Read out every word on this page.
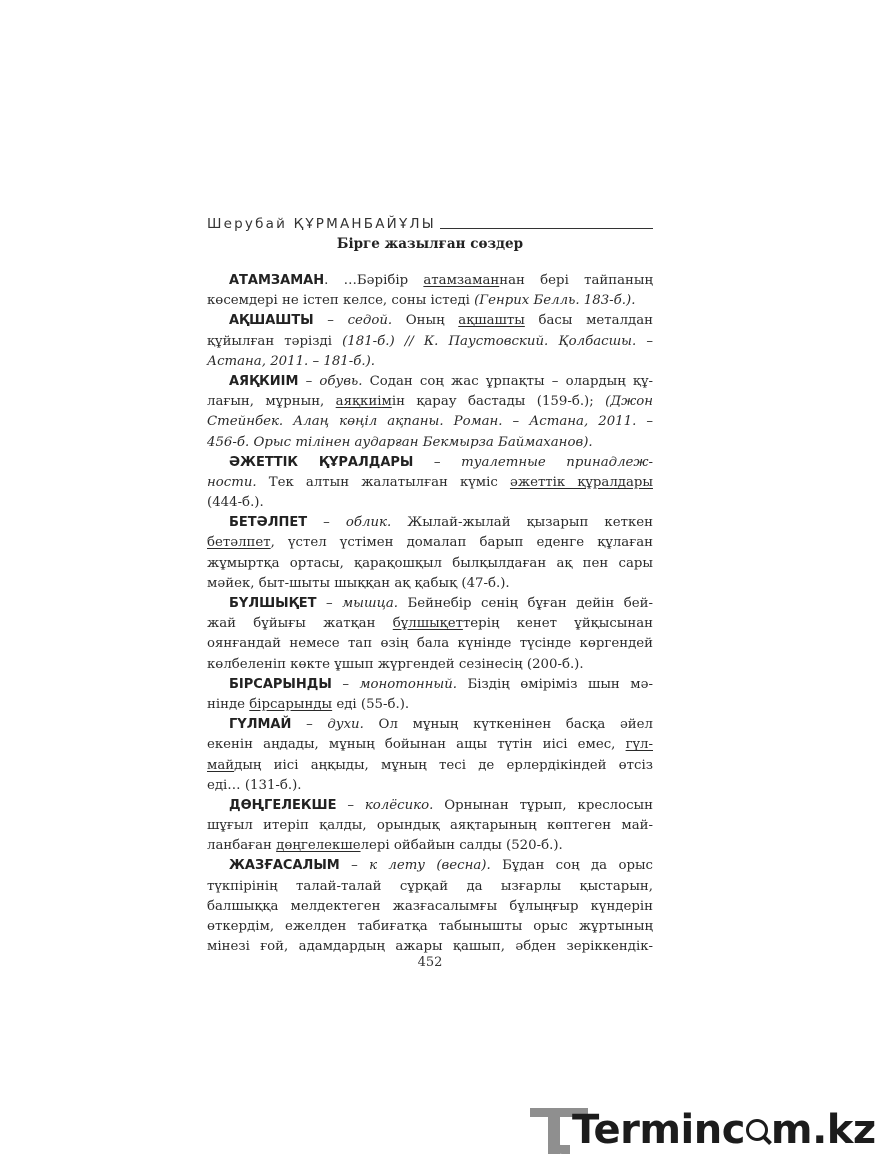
Шерубай ҚҰРМАНБАЙҰЛЫ
Бірге жазылған сөздер
АТАМЗАМАН. …Бәрібір атамзаманнан бері тайпаның
көсемдері не істеп келсе, соны істеді (Генрих Белль. 183-б.).
АҚШАШТЫ – седой. Оның ақшашты басы металдан
құйылған тәрізді (181-б.) // К. Паустовский. Қолбасшы. –
Астана, 2011. – 181-б.).
АЯҚКИІМ – обувь. Содан соң жас ұрпақты – олардың құ-
лағын, мұрнын, аяқкиімін қарау бастады (159-б.); (Джон
Стейнбек. Алаң көңіл ақпаны. Роман. – Астана, 2011. –
456-б. Орыс тілінен аударған Бекмырза Баймаханов).
ӘЖЕТТІК ҚҰРАЛДАРЫ – туалетные принадлеж-
ности. Тек алтын жалатылған күміс әжеттік құралдары
(444-б.).
БЕТӘЛПЕТ – облик. Жылай-жылай қызарып кеткен
бетәлпет, үстел үстімен домалап барып еденге құлаған
жұмыртқа ортасы, қарақошқыл былқылдаған ақ пен сары
мәйек, быт-шыты шыққан ақ қабық (47-б.).
БҮЛШЫҚЕТ – мышца. Бейнебір сенің бұған дейін бей-
жай бұйығы жатқан бұлшықеттерің кенет ұйқысынан
оянғандай немесе тап өзің бала күнінде түсінде көргендей
көлбеленіп көкте ұшып жүргендей сезінесің (200-б.).
БІРСАРЫНДЫ – монотонный. Біздің өміріміз шын мә-
нінде бірсарынды еді (55-б.).
ГҮЛМАЙ – духи. Ол мұның күткенінен басқа әйел
екенін аңдады, мұның бойынан ащы түтін иісі емес, гүл-
майдың иісі аңқыды, мұның тесі де ерлердікіндей өтсіз
еді… (131-б.).
ДӨҢГЕЛЕКШЕ – колёсико. Орнынан тұрып, креслосын
шұғыл итеріп қалды, орындық аяқтарының көптеген май-
ланбаған дөңгелекшелері ойбайын салды (520-б.).
ЖАЗҒАСАЛЫМ – к лету (весна). Бұдан соң да орыс
түкпірінің талай-талай сұрқай да ызғарлы қыстарын,
балшыққа мелдектеген жазғасалымғы бұлыңғыр күндерін
өткердім, ежелден табиғатқа табынышты орыс жұртының
мінезі ғой, адамдардың ажары қашып, әбден зеріккендік-
452
Terminc m.kz
